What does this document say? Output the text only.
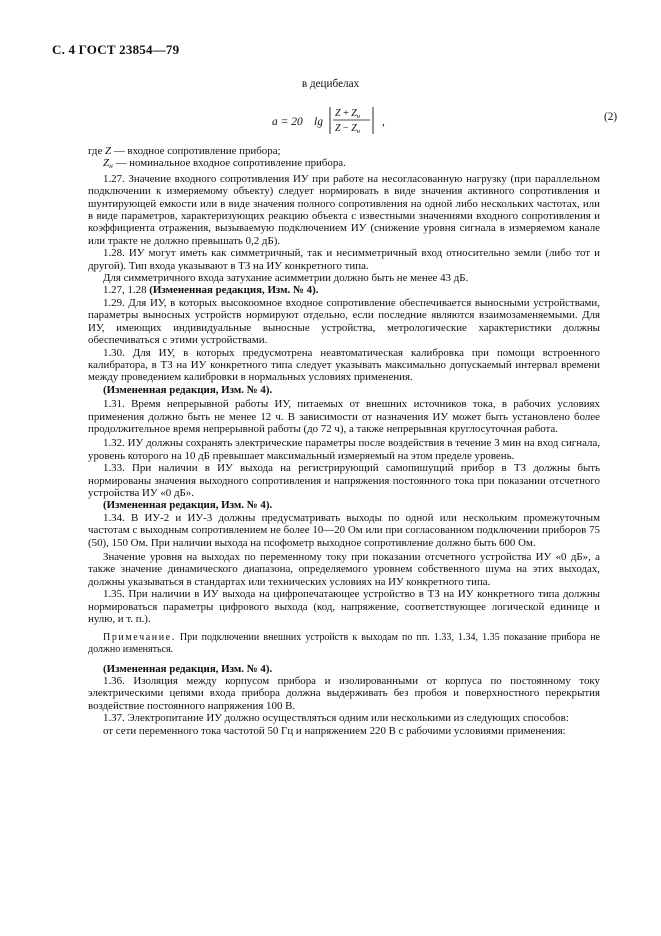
С. 4 ГОСТ 23854—79
в децибелах
a = 20 lg
$Z + Z_н$
$Z - Z_н$
,	(2)

где Z — входное сопротивление прибора;

$Z_н$ — номинальное входное сопротивление прибора.

1.27. Значение входного сопротивления ИУ при работе на несогласованную нагрузку (при параллельном подключении к измеряемому объекту) следует нормировать в виде значения активного сопротивления и шунтирующей емкости или в виде значения полного сопротивления на одной либо нескольких частотах, или в виде параметров, характеризующих реакцию объекта с известными значениями входного сопротивления и коэффициента отражения, вызываемую подключением ИУ (снижение уровня сигнала в измеряемом канале или тракте не должно превышать 0,2 дБ).

1.28. ИУ могут иметь как симметричный, так и несимметричный вход относительно земли (либо тот и другой). Тип входа указывают в ТЗ на ИУ конкретного типа.

Для симметричного входа затухание асимметрии должно быть не менее 43 дБ.

1.27, 1.28 (Измененная редакция, Изм. № 4).

1.29. Для ИУ, в которых высокоомное входное сопротивление обеспечивается выносными устройствами, параметры выносных устройств нормируют отдельно, если последние являются взаимозаменяемыми. Для ИУ, имеющих индивидуальные выносные устройства, метрологические характеристики должны обеспечиваться с этими устройствами.

1.30. Для ИУ, в которых предусмотрена неавтоматическая калибровка при помощи встроенного калибратора, в ТЗ на ИУ конкретного типа следует указывать максимально допускаемый интервал времени между проведением калибровки в нормальных условиях применения.

(Измененная редакция, Изм. № 4).

1.31. Время непрерывной работы ИУ, питаемых от внешних источников тока, в рабочих условиях применения должно быть не менее 12 ч. В зависимости от назначения ИУ может быть установлено более продолжительное время непрерывной работы (до 72 ч), а также непрерывная круглосуточная работа.

1.32. ИУ должны сохранять электрические параметры после воздействия в течение 3 мин на вход сигнала, уровень которого на 10 дБ превышает максимальный измеряемый на этом пределе уровень.

1.33. При наличии в ИУ выхода на регистрирующий самопишущий прибор в ТЗ должны быть нормированы значения выходного сопротивления и напряжения постоянного тока при показании отсчетного устройства ИУ «0 дБ».

(Измененная редакция, Изм. № 4).

1.34. В ИУ-2 и ИУ-3 должны предусматривать выходы по одной или нескольким промежуточным частотам с выходным сопротивлением не более 10—20 Ом или при согласованном подключении приборов 75 (50), 150 Ом. При наличии выхода на псофометр выходное сопротивление должно быть 600 Ом.

Значение уровня на выходах по переменному току при показании отсчетного устройства ИУ «0 дБ», а также значение динамического диапазона, определяемого уровнем собственного шума на этих выходах, должны указываться в стандартах или технических условиях на ИУ конкретного типа.

1.35. При наличии в ИУ выхода на цифропечатающее устройство в ТЗ на ИУ конкретного типа должны нормироваться параметры цифрового выхода (код, напряжение, соответствующее логической единице и нулю, и т. п.).

Примечание. При подключении внешних устройств к выходам по пп. 1.33, 1.34, 1.35 показание прибора не должно изменяться.

(Измененная редакция, Изм. № 4).

1.36. Изоляция между корпусом прибора и изолированными от корпуса по постоянному току электрическими цепями входа прибора должна выдерживать без пробоя и поверхностного перекрытия воздействие постоянного напряжения 100 В.

1.37. Электропитание ИУ должно осуществляться одним или несколькими из следующих способов:

от сети переменного тока частотой 50 Гц и напряжением 220 В с рабочими условиями применения:
